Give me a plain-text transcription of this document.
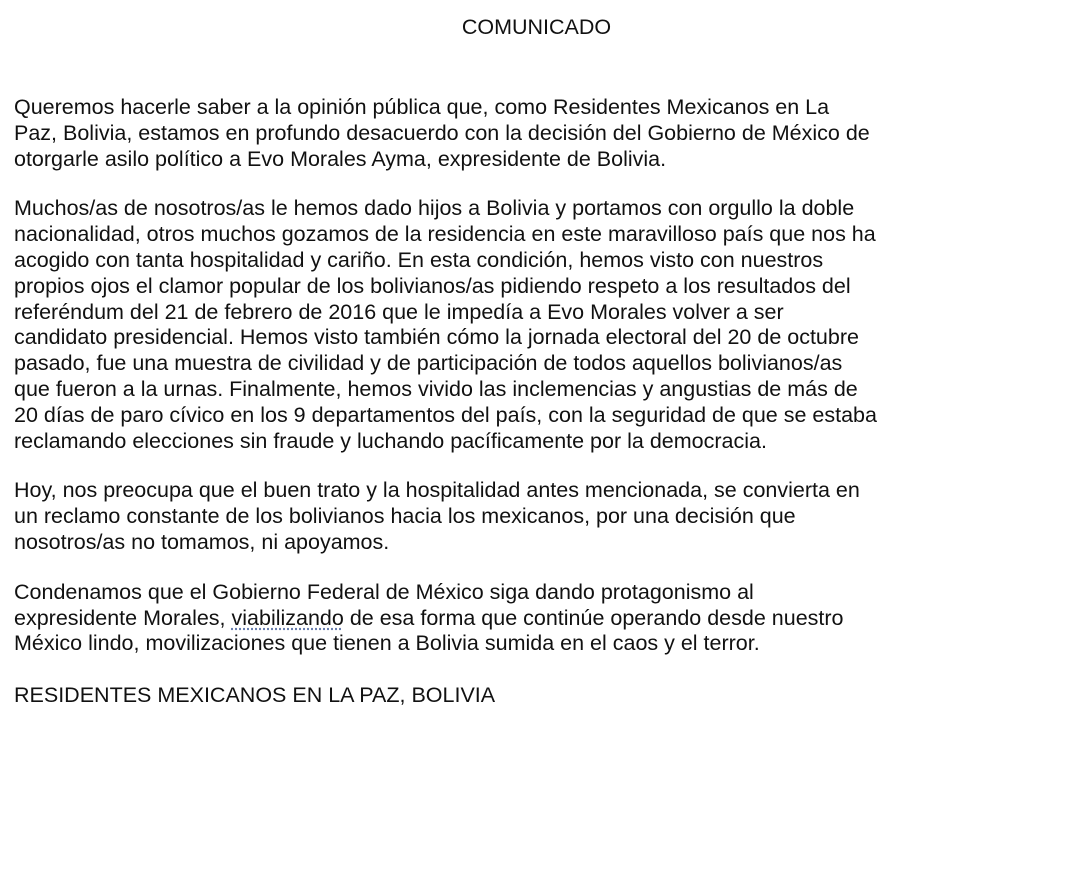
COMUNICADO
Queremos hacerle saber a la opinión pública que, como Residentes Mexicanos en La
Paz, Bolivia, estamos en profundo desacuerdo con la decisión del Gobierno de México de
otorgarle asilo político a Evo Morales Ayma, expresidente de Bolivia.
Muchos/as de nosotros/as le hemos dado hijos a Bolivia y portamos con orgullo la doble
nacionalidad, otros muchos gozamos de la residencia en este maravilloso país que nos ha
acogido con tanta hospitalidad y cariño. En esta condición, hemos visto con nuestros
propios ojos el clamor popular de los bolivianos/as pidiendo respeto a los resultados del
referéndum del 21 de febrero de 2016 que le impedía a Evo Morales volver a ser
candidato presidencial. Hemos visto también cómo la jornada electoral del 20 de octubre
pasado, fue una muestra de civilidad y de participación de todos aquellos bolivianos/as
que fueron a la urnas. Finalmente, hemos vivido las inclemencias y angustias de más de
20 días de paro cívico en los 9 departamentos del país, con la seguridad de que se estaba
reclamando elecciones sin fraude y luchando pacíficamente por la democracia.
Hoy, nos preocupa que el buen trato y la hospitalidad antes mencionada, se convierta en
un reclamo constante de los bolivianos hacia los mexicanos, por una decisión que
nosotros/as no tomamos, ni apoyamos.
Condenamos que el Gobierno Federal de México siga dando protagonismo al
expresidente Morales, viabilizando de esa forma que continúe operando desde nuestro
México lindo, movilizaciones que tienen a Bolivia sumida en el caos y el terror.
RESIDENTES MEXICANOS EN LA PAZ, BOLIVIA
